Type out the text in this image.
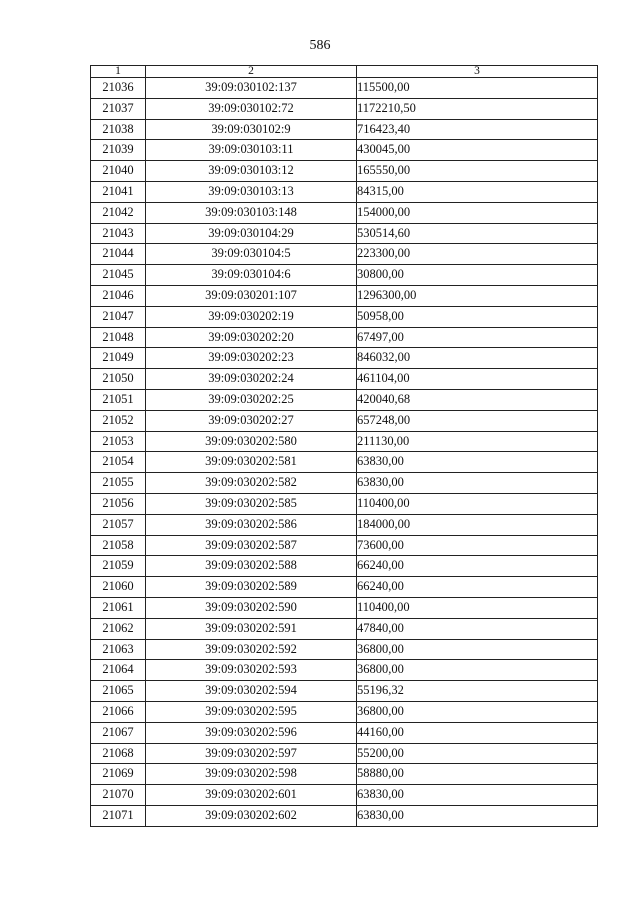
586
1	2	3
21036	39:09:030102:137	115500,00
21037	39:09:030102:72	1172210,50
21038	39:09:030102:9	716423,40
21039	39:09:030103:11	430045,00
21040	39:09:030103:12	165550,00
21041	39:09:030103:13	84315,00
21042	39:09:030103:148	154000,00
21043	39:09:030104:29	530514,60
21044	39:09:030104:5	223300,00
21045	39:09:030104:6	30800,00
21046	39:09:030201:107	1296300,00
21047	39:09:030202:19	50958,00
21048	39:09:030202:20	67497,00
21049	39:09:030202:23	846032,00
21050	39:09:030202:24	461104,00
21051	39:09:030202:25	420040,68
21052	39:09:030202:27	657248,00
21053	39:09:030202:580	211130,00
21054	39:09:030202:581	63830,00
21055	39:09:030202:582	63830,00
21056	39:09:030202:585	110400,00
21057	39:09:030202:586	184000,00
21058	39:09:030202:587	73600,00
21059	39:09:030202:588	66240,00
21060	39:09:030202:589	66240,00
21061	39:09:030202:590	110400,00
21062	39:09:030202:591	47840,00
21063	39:09:030202:592	36800,00
21064	39:09:030202:593	36800,00
21065	39:09:030202:594	55196,32
21066	39:09:030202:595	36800,00
21067	39:09:030202:596	44160,00
21068	39:09:030202:597	55200,00
21069	39:09:030202:598	58880,00
21070	39:09:030202:601	63830,00
21071	39:09:030202:602	63830,00
